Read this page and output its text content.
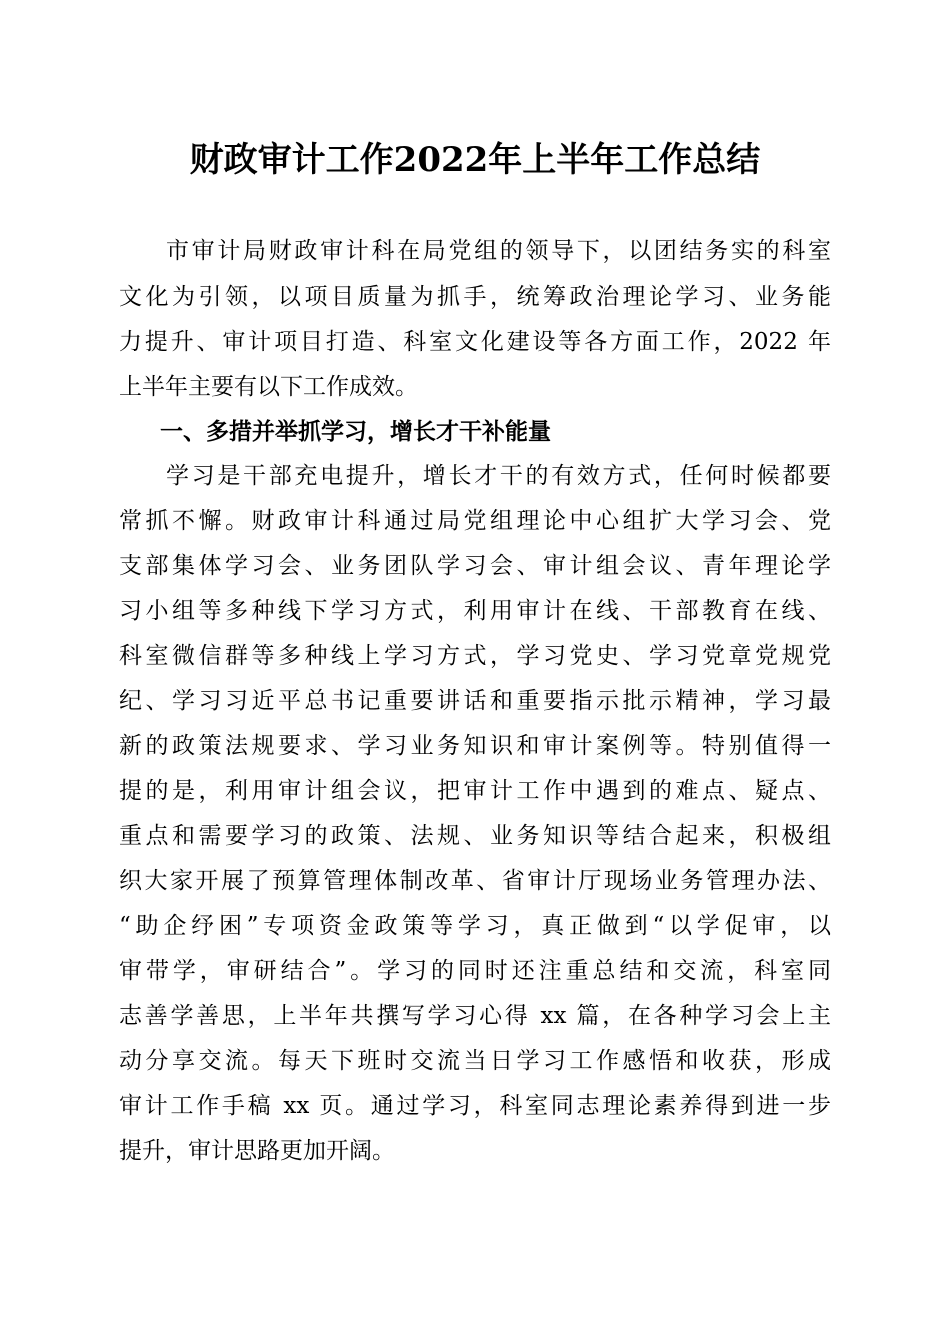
财政审计工作2022年上半年工作总结
市审计局财政审计科在局党组的领导下，以团结务实的科室
文化为引领，以项目质量为抓手，统筹政治理论学习、业务能
力提升、审计项目打造、科室文化建设等各方面工作，2022 年
上半年主要有以下工作成效。
一、多措并举抓学习，增长才干补能量
学习是干部充电提升，增长才干的有效方式，任何时候都要
常抓不懈。财政审计科通过局党组理论中心组扩大学习会、党
支部集体学习会、业务团队学习会、审计组会议、青年理论学
习小组等多种线下学习方式，利用审计在线、干部教育在线、
科室微信群等多种线上学习方式，学习党史、学习党章党规党
纪、学习习近平总书记重要讲话和重要指示批示精神，学习最
新的政策法规要求、学习业务知识和审计案例等。特别值得一
提的是，利用审计组会议，把审计工作中遇到的难点、疑点、
重点和需要学习的政策、法规、业务知识等结合起来，积极组
织大家开展了预算管理体制改革、省审计厅现场业务管理办法、
“助企纾困”专项资金政策等学习，真正做到“以学促审，以
审带学，审研结合”。学习的同时还注重总结和交流，科室同
志善学善思，上半年共撰写学习心得 xx 篇，在各种学习会上主
动分享交流。每天下班时交流当日学习工作感悟和收获，形成
审计工作手稿 xx 页。通过学习，科室同志理论素养得到进一步
提升，审计思路更加开阔。
